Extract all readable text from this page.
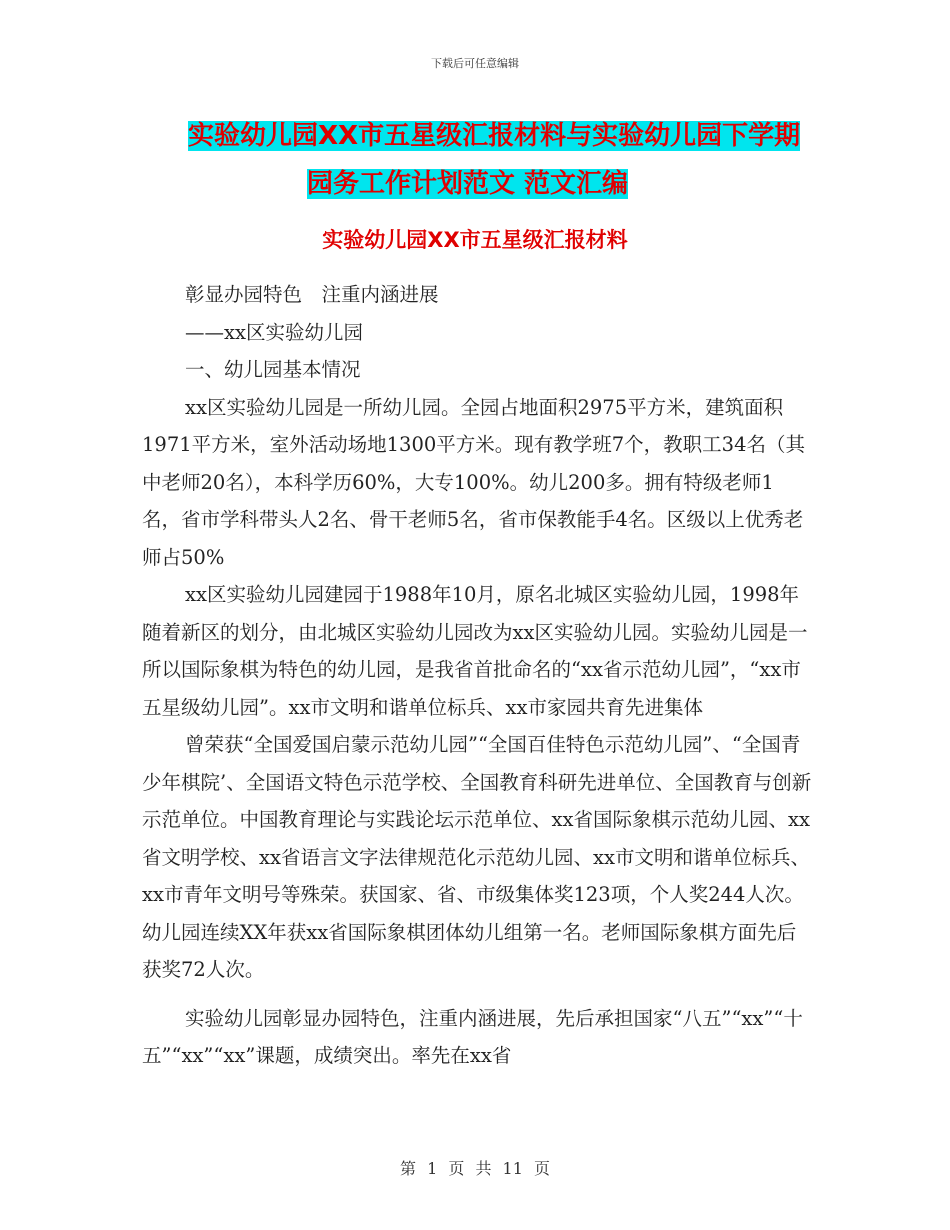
下载后可任意编辑
实验幼儿园XX市五星级汇报材料与实验幼儿园下学期
园务工作计划范文 范文汇编
实验幼儿园XX市五星级汇报材料

彰显办园特色　注重内涵进展

——xx区实验幼儿园

一、幼儿园基本情况

xx区实验幼儿园是一所幼儿园。全园占地面积2975平方米，建筑面积1971平方米，室外活动场地1300平方米。现有教学班7个，教职工34名（其中老师20名），本科学历60%，大专100%。幼儿200多。拥有特级老师1名，省市学科带头人2名、骨干老师5名，省市保教能手4名。区级以上优秀老师占50%

xx区实验幼儿园建园于1988年10月，原名北城区实验幼儿园，1998年随着新区的划分，由北城区实验幼儿园改为xx区实验幼儿园。实验幼儿园是一所以国际象棋为特色的幼儿园，是我省首批命名的“xx省示范幼儿园”，“xx市五星级幼儿园”。xx市文明和谐单位标兵、xx市家园共育先进集体

曾荣获“全国爱国启蒙示范幼儿园”“全国百佳特色示范幼儿园”、“全国青少年棋院’、全国语文特色示范学校、全国教育科研先进单位、全国教育与创新示范单位。中国教育理论与实践论坛示范单位、xx省国际象棋示范幼儿园、xx省文明学校、xx省语言文字法律规范化示范幼儿园、xx市文明和谐单位标兵、xx市青年文明号等殊荣。获国家、省、市级集体奖123项，个人奖244人次。幼儿园连续XX年获xx省国际象棋团体幼儿组第一名。老师国际象棋方面先后获奖72人次。

实验幼儿园彰显办园特色，注重内涵进展，先后承担国家“八五”“xx”“十五”“xx”“xx”课题，成绩突出。率先在xx省

第 1 页 共 11 页
